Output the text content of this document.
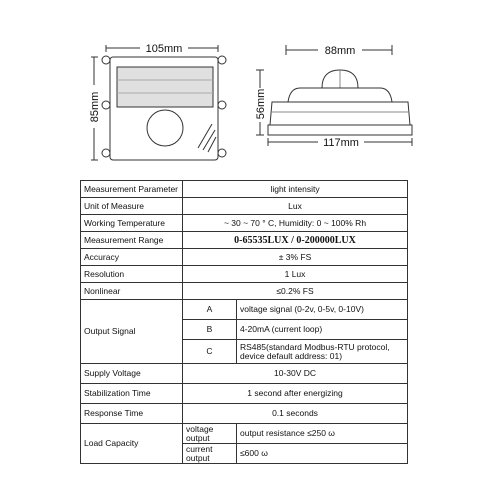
105mm
85mm
88mm
56mm
117mm
Measurement Parameter	light intensity	
Unit of Measure	Lux	
Working Temperature	~ 30 ~ 70 ° C, Humidity: 0 ~ 100% Rh	
Measurement Range	0-65535LUX / 0-200000LUX	
Accuracy	± 3% FS	
Resolution	1 Lux	
Nonlinear	≤0.2% FS	
Output Signal	A	voltage signal (0-2v, 0-5v, 0-10V)
	B	4-20mA (current loop)
	C	RS485(standard Modbus-RTU protocol, device default address: 01)
Supply Voltage	10-30V DC	
Stabilization Time	1 second after energizing	
Response Time	0.1 seconds	
Load Capacity	voltage output	output resistance ≤250 ω
	current output	≤600 ω
